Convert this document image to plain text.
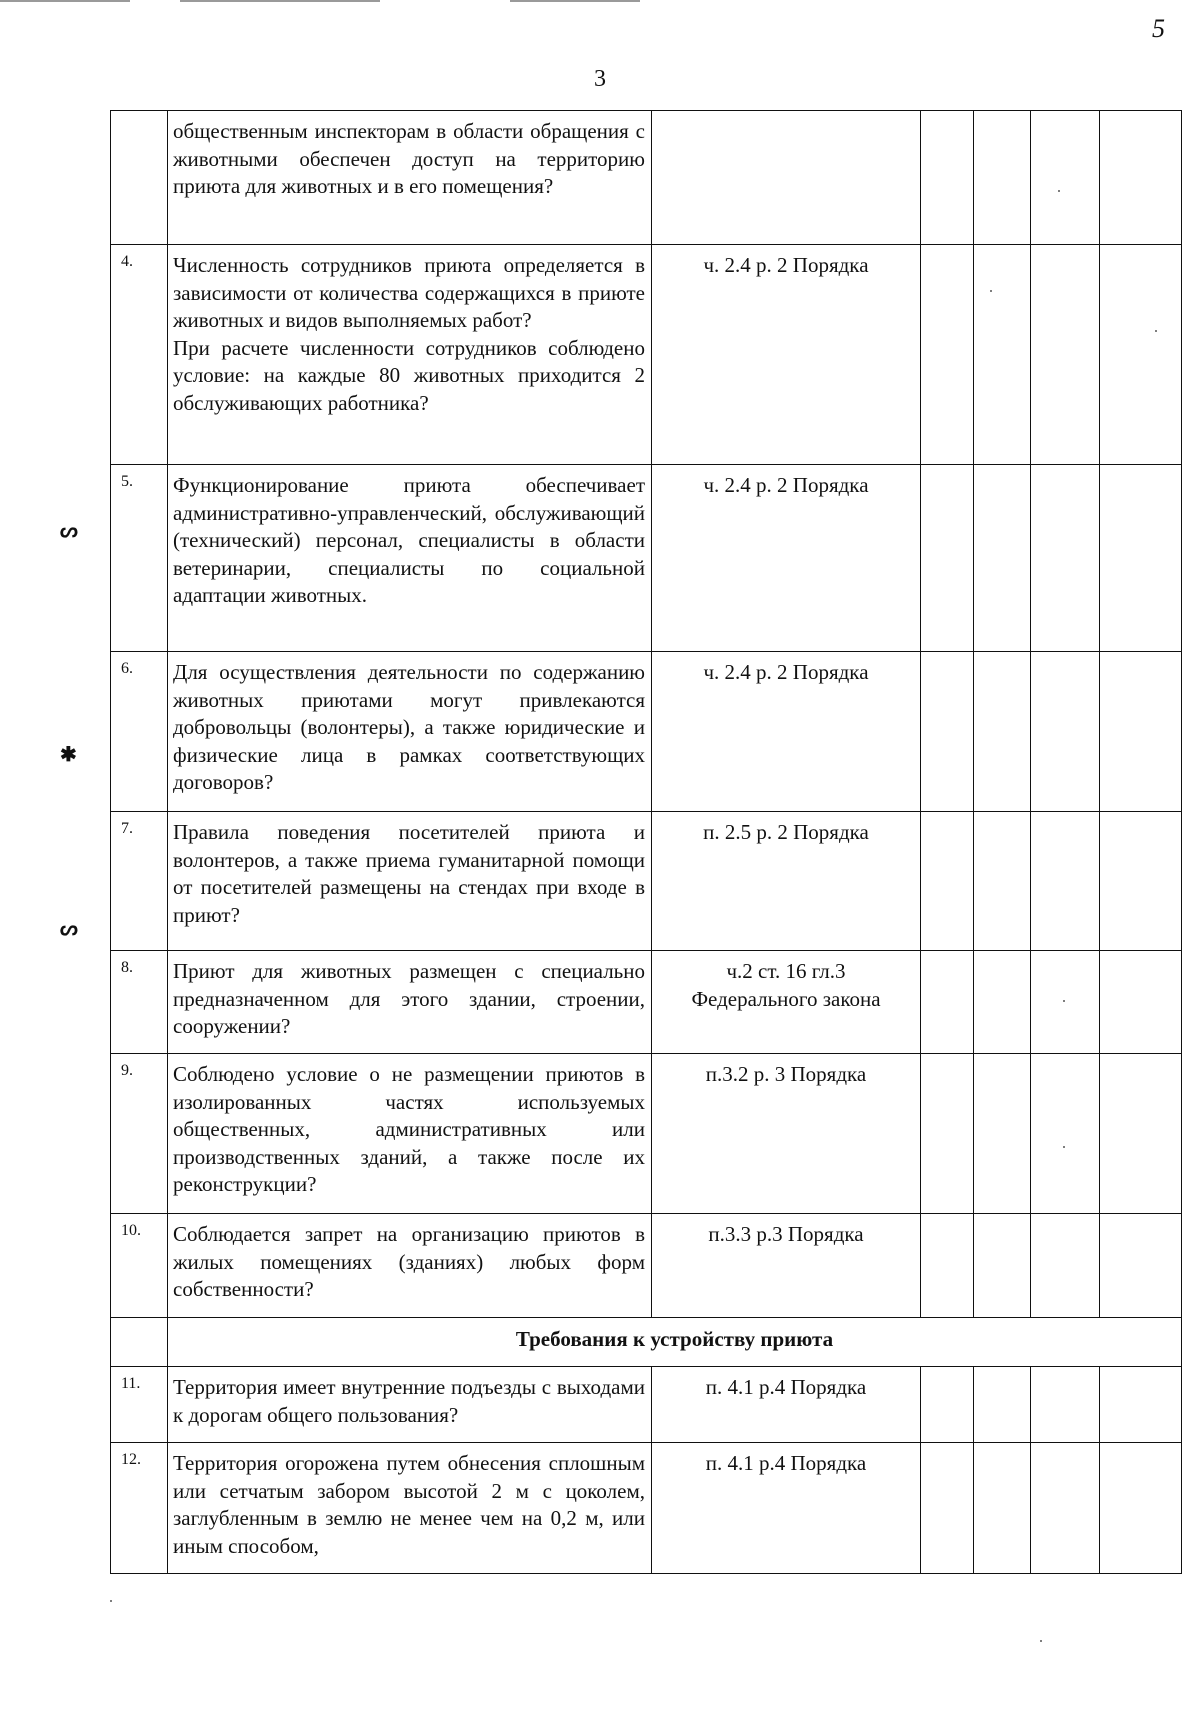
5
3
ᔕ
✱
ᔕ

	общественным инспекторам в области обращения с животными обеспечен доступ на территорию приюта для животных и в его помещения?					

4.	Численность сотрудников приюта определяется в зависимости от количества содержащихся в приюте животных и видов выполняемых работ?
При расчете численности сотрудников соблюдено условие: на каждые 80 животных приходится 2 обслуживающих работника?	ч. 2.4 р. 2 Порядка				

5.	Функционирование приюта обеспечивает административно-управленческий, обслуживающий (технический) персонал, специалисты в области ветеринарии, специалисты по социальной адаптации животных.	ч. 2.4 р. 2 Порядка				

6.	Для осуществления деятельности по содержанию животных приютами могут привлекаются добровольцы (волонтеры), а также юридические и физические лица в рамках соответствующих договоров?	ч. 2.4 р. 2 Порядка				

7.	Правила поведения посетителей приюта и волонтеров, а также приема гуманитарной помощи от посетителей размещены на стендах при входе в приют?	п. 2.5 р. 2 Порядка				

8.	Приют для животных размещен с специально предназначенном для этого здании, строении, сооружении?	ч.2 ст. 16 гл.3
Федерального закона				

9.	Соблюдено условие о не размещении приютов в изолированных частях используемых общественных, административных или производственных зданий, а также после их реконструкции?	п.3.2 р. 3 Порядка				

10.	Соблюдается запрет на организацию приютов в жилых помещениях (зданиях) любых форм собственности?	п.3.3 р.3 Порядка				

	Требования к устройству приюта					
11.	Территория имеет внутренние подъезды с выходами к дорогам общего пользования?	п. 4.1 р.4 Порядка				

12.	Территория огорожена путем обнесения сплошным или сетчатым забором высотой 2 м с цоколем, заглубленным в землю не менее чем на 0,2 м, или иным способом,	п. 4.1 р.4 Порядка				
